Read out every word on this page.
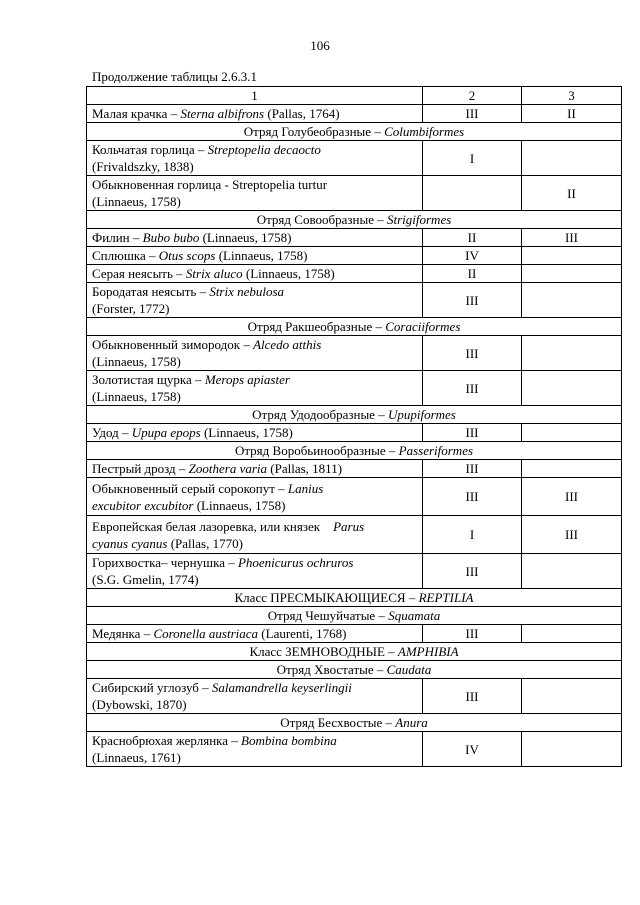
106
Продолжение таблицы 2.6.3.1
1	2	3
Малая крачка – Sterna albifrons (Pallas, 1764)	III	II
Отряд Голубеобразные – Columbiformes		
Кольчатая горлица – Streptopelia decaocto
(Frivaldszky, 1838)	I	
Обыкновенная горлица - Streptopelia turtur
(Linnaeus, 1758)		II
Отряд Совообразные – Strigiformes		
Филин – Bubo bubo (Linnaeus, 1758)	II	III
Сплюшка – Otus scops (Linnaeus, 1758)	IV	
Серая неясыть – Strix aluco (Linnaeus, 1758)	II	
Бородатая неясыть – Strix nebulosa
(Forster, 1772)	III	
Отряд Ракшеобразные – Coraciiformes		
Обыкновенный зимородок – Alcedo atthis
(Linnaeus, 1758)	III	
Золотистая щурка – Merops apiaster
(Linnaeus, 1758)	III	
Отряд Удодообразные – Upupiformes		
Удод – Upupa epops (Linnaeus, 1758)	III	
Отряд Воробьинообразные – Passeriformes		
Пестрый дрозд – Zoothera varia (Pallas, 1811)	III	
Обыкновенный серый сорокопут – Lanius
excubitor excubitor (Linnaeus, 1758)	III	III
Европейская белая лазоревка, или князек Parus
cyanus cyanus (Pallas, 1770)	I	III
Горихвостка– чернушка – Phoenicurus ochruros
(S.G. Gmelin, 1774)	III	
Класс ПРЕСМЫКАЮЩИЕСЯ – REPTILIA		
Отряд Чешуйчатые – Squamata		
Медянка – Coronella austriaca (Laurenti, 1768)	III	
Класс ЗЕМНОВОДНЫЕ – AMPHIBIA		
Отряд Хвостатые – Caudata		
Сибирский углозуб – Salamandrella keyserlingii
(Dybowski, 1870)	III	
Отряд Бесхвостые – Anura		
Краснобрюхая жерлянка – Bombina bombina
(Linnaeus, 1761)	IV	
